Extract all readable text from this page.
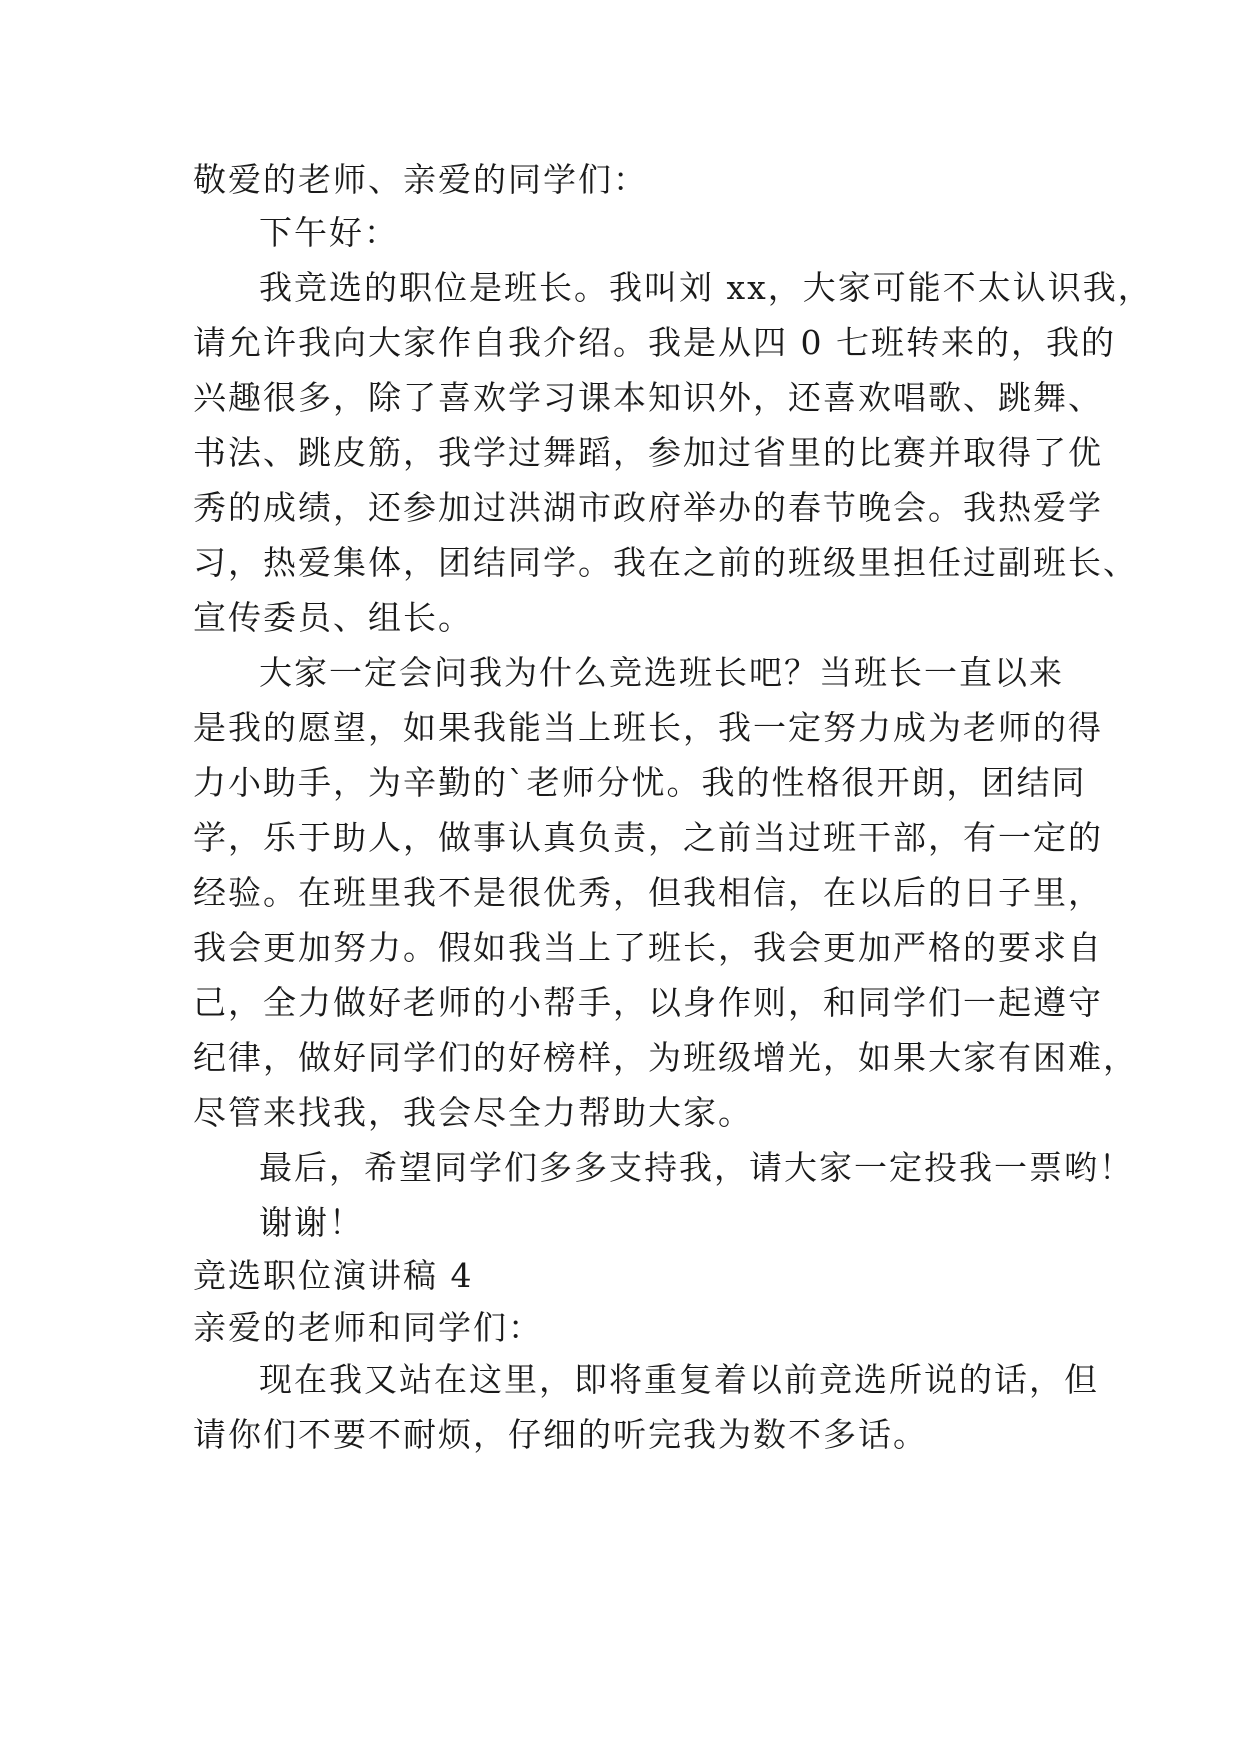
敬爱的老师、亲爱的同学们：
下午好：
我竞选的职位是班长。我叫刘 xx，大家可能不太认识我，
请允许我向大家作自我介绍。我是从四 0 七班转来的，我的
兴趣很多，除了喜欢学习课本知识外，还喜欢唱歌、跳舞、
书法、跳皮筋，我学过舞蹈，参加过省里的比赛并取得了优
秀的成绩，还参加过洪湖市政府举办的春节晚会。我热爱学
习，热爱集体，团结同学。我在之前的班级里担任过副班长、
宣传委员、组长。
大家一定会问我为什么竞选班长吧？当班长一直以来
是我的愿望，如果我能当上班长，我一定努力成为老师的得
力小助手，为辛勤的`老师分忧。我的性格很开朗，团结同
学，乐于助人，做事认真负责，之前当过班干部，有一定的
经验。在班里我不是很优秀，但我相信，在以后的日子里，
我会更加努力。假如我当上了班长，我会更加严格的要求自
己，全力做好老师的小帮手，以身作则，和同学们一起遵守
纪律，做好同学们的好榜样，为班级增光，如果大家有困难，
尽管来找我，我会尽全力帮助大家。
最后，希望同学们多多支持我，请大家一定投我一票哟！
谢谢！
竞选职位演讲稿 4
亲爱的老师和同学们：
现在我又站在这里，即将重复着以前竞选所说的话，但
请你们不要不耐烦，仔细的听完我为数不多话。
